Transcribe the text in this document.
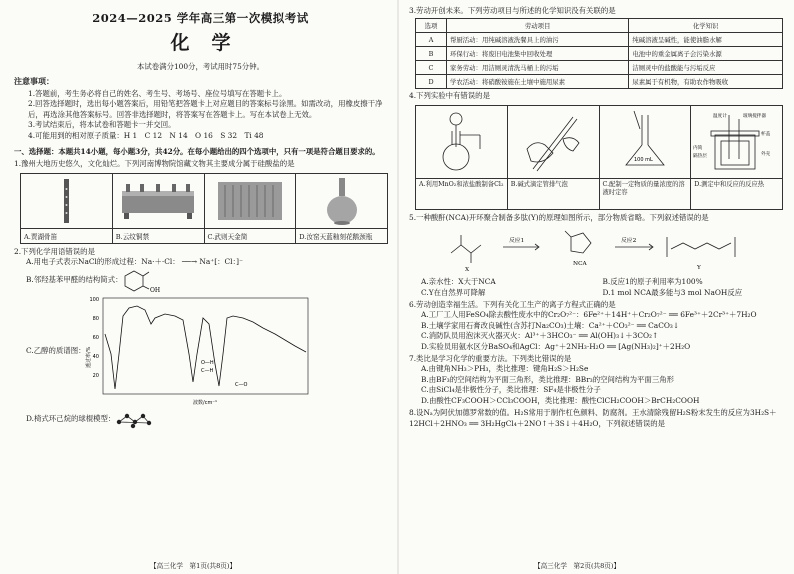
2024—2025 学年高三第一次模拟考试
化学
本试卷满分100分，考试用时75分钟。
注意事项：
1.答题前，考生务必将自己的姓名、考生号、考场号、座位号填写在答题卡上。
2.回答选择题时，选出每小题答案后，用铅笔把答题卡上对应题目的答案标号涂黑。如需改动，用橡皮擦干净后，再选涂其他答案标号。回答非选择题时，将答案写在答题卡上。写在本试卷上无效。
3.考试结束后，将本试卷和答题卡一并交回。
4.可能用到的相对原子质量：H 1　C 12　N 14　O 16　S 32　Ti 48
一、选择题：本题共14小题，每小题3分，共42分。在每小题给出的四个选项中，只有一项是符合题目要求的。
1.豫州大地历史悠久，文化灿烂。下列河南博物院馆藏文物其主要成分属于硅酸盐的是
A.贾湖骨笛	B.云纹铜禁	C.武则天金简	D.汝窑天蓝釉刻花鹅颈瓶
2.下列化学用语错误的是
A.用电子式表示NaCl的形成过程：Na·＋·Cl： ──→ Na⁺[：Cl：]⁻
B.邻羟基苯甲醛的结构简式：
OH
C.乙醇的质谱图：
100
80
60
40
20
透过率/%	O—H
C—H
C—O
波数/cm⁻¹
D.椅式环己烷的球棍模型：
【高三化学　第1页(共8页)】
3.劳动开创未来。下列劳动项目与所述的化学知识没有关联的是
选项	劳动项目	化学知识
A	帮厨活动：用纯碱溶液洗餐具上的油污	纯碱溶液呈碱性，能使油脂水解
B	环保行动：将废旧电池集中回收处理	电池中的重金属离子会污染水源
C	家务劳动：用洁厕灵清洗马桶上的污垢	洁厕灵中的盐酸能与污垢反应
D	学农活动：将硝酸铵施在土壤中施用尿素	尿素属于有机物，有助农作物吸收
4.下列实验中有错误的是
A.利用MnO₂和浓盐酸制备Cl₂	B.碱式滴定管排气泡
100 mL
C.配制一定物质的量浓度的溶液时定容
温度计	玻璃搅拌器
内筒
隔热层
杯盖
外壳
D.测定中和反应的反应热
5.一种酸酐(NCA)开环聚合制备多肽(Y)的原理如图所示，部分物质省略。下列叙述错误的是
X
NCA
Y
反应1	反应2
A.亲水性：X大于NCA	B.反应1的原子利用率为100%
C.Y在自然界可降解	D.1 mol NCA最多能与3 mol NaOH反应
6.劳动创造幸福生活。下列有关化工生产的离子方程式正确的是
A.工厂工人用FeSO₄除去酸性废水中的Cr₂O₇²⁻：6Fe²⁺＋14H⁺＋Cr₂O₇²⁻ ══ 6Fe³⁺＋2Cr³⁺＋7H₂O
B.土壤学家用石膏改良碱性(含苏打Na₂CO₃)土壤：Ca²⁺＋CO₃²⁻ ══ CaCO₃↓
C.消防队员用泡沫灭火器灭火：Al³⁺＋3HCO₃⁻ ══ Al(OH)₃↓＋3CO₂↑
D.实验员用氨水区分BaSO₄和AgCl：Ag⁺＋2NH₃·H₂O ══ [Ag(NH₃)₂]⁺＋2H₂O
7.类比是学习化学的重要方法。下列类比错误的是
A.由键角NH₃＞PH₃，类比推理：键角H₂S＞H₂Se
B.由BF₃的空间结构为平面三角形，类比推理：BBr₃的空间结构为平面三角形
C.由SiCl₄是非极性分子，类比推理：SF₄是非极性分子
D.由酸性CF₃COOH＞CCl₃COOH，类比推理：酸性ClCH₂COOH＞BrCH₂COOH
8.设Nₐ为阿伏加德罗常数的值。H₂S常用于制作杠色颜料、防腐剂。王水清除残留H₂S粉末发生的反应为3H₂S＋12HCl＋2HNO₃ ══ 3H₂HgCl₄＋2NO↑＋3S↓＋4H₂O，下列叙述错误的是
【高三化学　第2页(共8页)】
